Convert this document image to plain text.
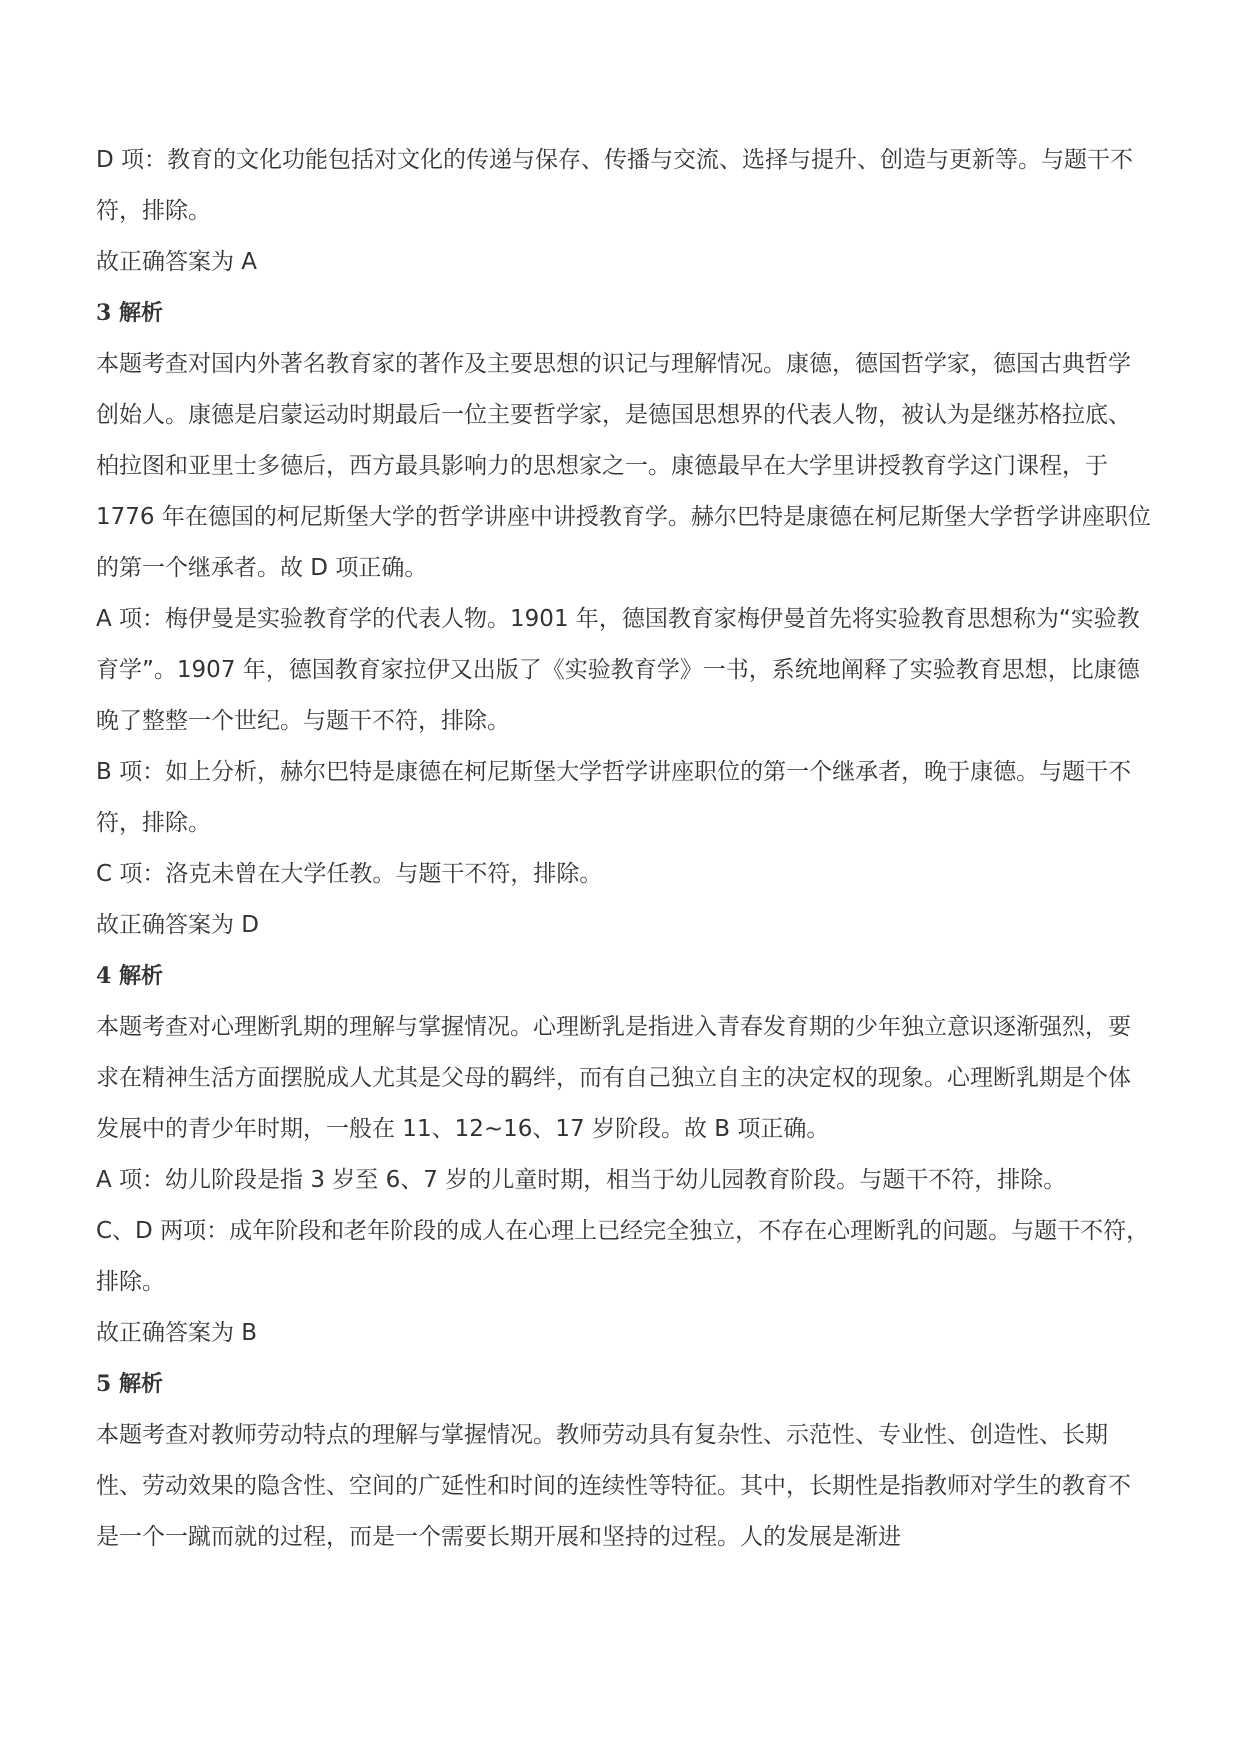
D 项：教育的文化功能包括对文化的传递与保存、传播与交流、选择与提升、创造与更新等。与题干不符，排除。

故正确答案为 A

3 解析

本题考查对国内外著名教育家的著作及主要思想的识记与理解情况。康德，德国哲学家，德国古典哲学创始人。康德是启蒙运动时期最后一位主要哲学家，是德国思想界的代表人物，被认为是继苏格拉底、柏拉图和亚里士多德后，西方最具影响力的思想家之一。康德最早在大学里讲授教育学这门课程，于 1776 年在德国的柯尼斯堡大学的哲学讲座中讲授教育学。赫尔巴特是康德在柯尼斯堡大学哲学讲座职位的第一个继承者。故 D 项正确。

A 项：梅伊曼是实验教育学的代表人物。1901 年，德国教育家梅伊曼首先将实验教育思想称为“实验教育学”。1907 年，德国教育家拉伊又出版了《实验教育学》一书，系统地阐释了实验教育思想，比康德晚了整整一个世纪。与题干不符，排除。

B 项：如上分析，赫尔巴特是康德在柯尼斯堡大学哲学讲座职位的第一个继承者，晚于康德。与题干不符，排除。

C 项：洛克未曾在大学任教。与题干不符，排除。

故正确答案为 D

4 解析

本题考查对心理断乳期的理解与掌握情况。心理断乳是指进入青春发育期的少年独立意识逐渐强烈，要求在精神生活方面摆脱成人尤其是父母的羁绊，而有自己独立自主的决定权的现象。心理断乳期是个体发展中的青少年时期，一般在 11、12~16、17 岁阶段。故 B 项正确。

A 项：幼儿阶段是指 3 岁至 6、7 岁的儿童时期，相当于幼儿园教育阶段。与题干不符，排除。

C、D 两项：成年阶段和老年阶段的成人在心理上已经完全独立，不存在心理断乳的问题。与题干不符，排除。

故正确答案为 B

5 解析

本题考查对教师劳动特点的理解与掌握情况。教师劳动具有复杂性、示范性、专业性、创造性、长期性、劳动效果的隐含性、空间的广延性和时间的连续性等特征。其中，长期性是指教师对学生的教育不是一个一蹴而就的过程，而是一个需要长期开展和坚持的过程。人的发展是渐进
